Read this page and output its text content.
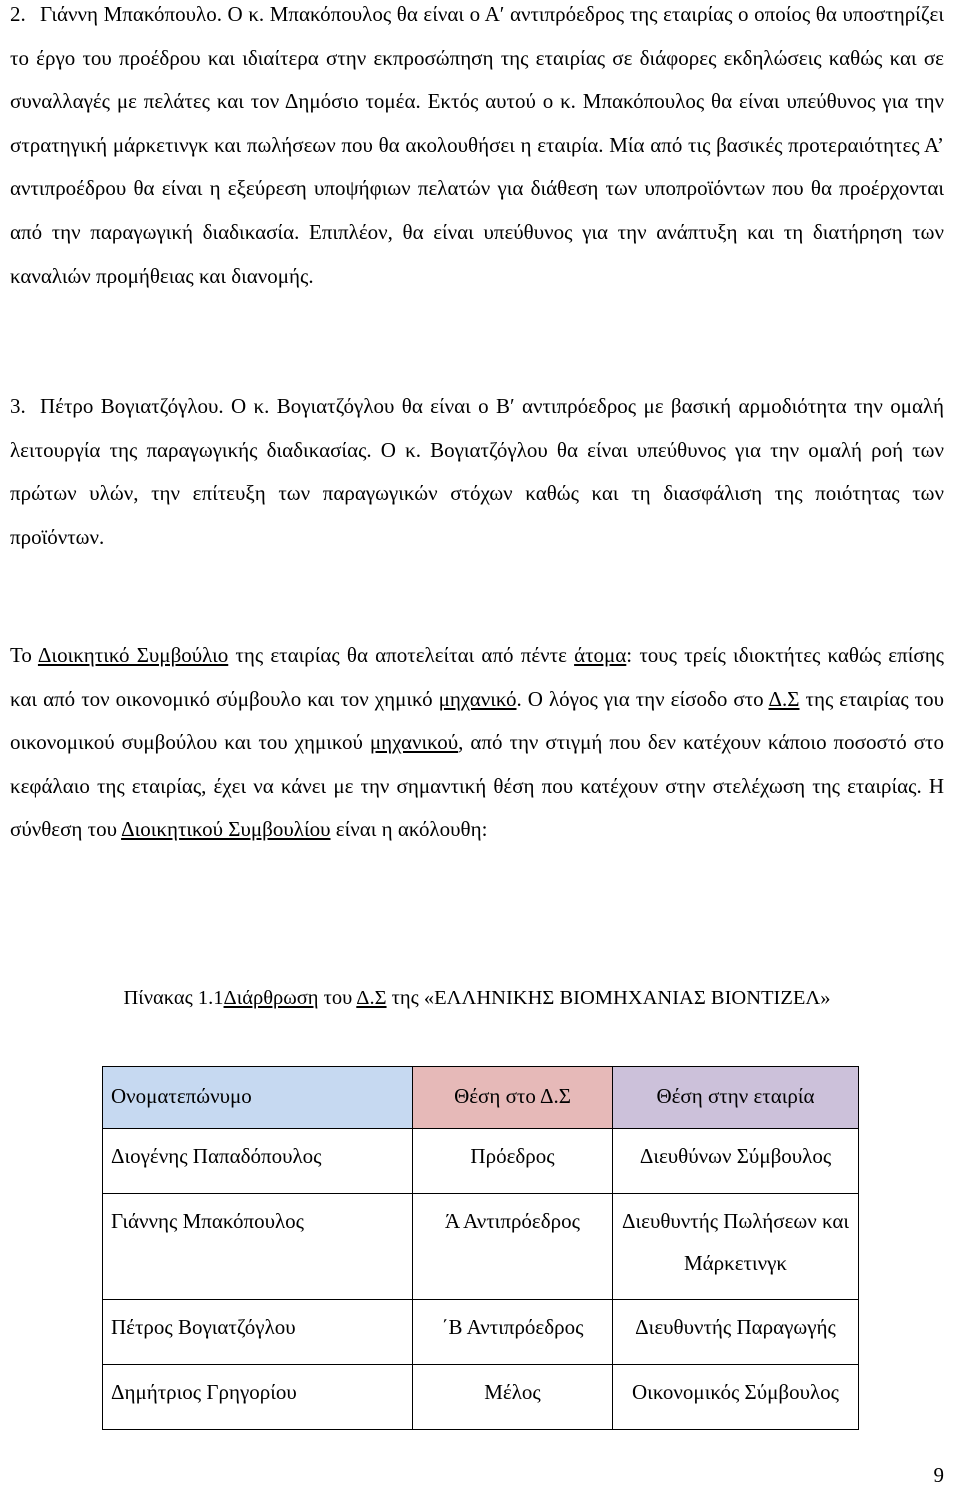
2. Γιάννη Μπακόπουλο. Ο κ. Μπακόπουλος θα είναι ο Α′ αντιπρόεδρος της εταιρίας ο οποίος θα υποστηρίζει το έργο του προέδρου και ιδιαίτερα στην εκπροσώπηση της εταιρίας σε διάφορες εκδηλώσεις καθώς και σε συναλλαγές με πελάτες και τον Δημόσιο τομέα. Εκτός αυτού ο κ. Μπακόπουλος θα είναι υπεύθυνος για την στρατηγική μάρκετινγκ και πωλήσεων που θα ακολουθήσει η εταιρία. Μία από τις βασικές προτεραιότητες Α’ αντιπροέδρου θα είναι η εξεύρεση υποψήφιων πελατών για διάθεση των υποπροϊόντων που θα προέρχονται από την παραγωγική διαδικασία. Επιπλέον, θα είναι υπεύθυνος για την ανάπτυξη και τη διατήρηση των καναλιών προμήθειας και διανομής.

3. Πέτρο Βογιατζόγλου. Ο κ. Βογιατζόγλου θα είναι ο Β′ αντιπρόεδρος με βασική αρμοδιότητα την ομαλή λειτουργία της παραγωγικής διαδικασίας. Ο κ. Βογιατζόγλου θα είναι υπεύθυνος για την ομαλή ροή των πρώτων υλών, την επίτευξη των παραγωγικών στόχων καθώς και τη διασφάλιση της ποιότητας των προϊόντων.

Το Διοικητικό Συμβούλιο της εταιρίας θα αποτελείται από πέντε άτομα: τους τρείς ιδιοκτήτες καθώς επίσης και από τον οικονομικό σύμβουλο και τον χημικό μηχανικό. Ο λόγος για την είσοδο στο Δ.Σ της εταιρίας του οικονομικού συμβούλου και του χημικού μηχανικού, από την στιγμή που δεν κατέχουν κάποιο ποσοστό στο κεφάλαιο της εταιρίας, έχει να κάνει με την σημαντική θέση που κατέχουν στην στελέχωση της εταιρίας. Η σύνθεση του Διοικητικού Συμβουλίου είναι η ακόλουθη:

Πίνακας 1.1Διάρθρωση του Δ.Σ της «ΕΛΛΗΝΙΚΗΣ ΒΙΟΜΗΧΑΝΙΑΣ ΒΙΟΝΤΙΖΕΛ»
Ονοματεπώνυμο	Θέση στο Δ.Σ	Θέση στην εταιρία
Διογένης Παπαδόπουλος	Πρόεδρος	Διευθύνων Σύμβουλος
Γιάννης Μπακόπουλος	Ά Αντιπρόεδρος	Διευθυντής Πωλήσεων και Μάρκετινγκ
Πέτρος Βογιατζόγλου	΄Β Αντιπρόεδρος	Διευθυντής Παραγωγής
Δημήτριος Γρηγορίου	Μέλος	Οικονομικός Σύμβουλος
9
